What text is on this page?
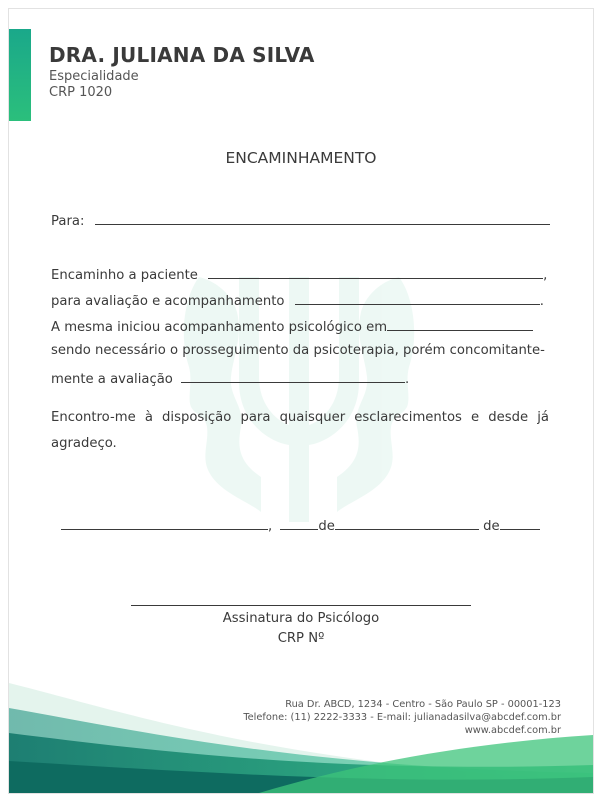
DRA. JULIANA DA SILVA
Especialidade
CRP 1020
ENCAMINHAMENTO
Para:
Encaminho a paciente	,
para avaliação e acompanhamento	.
A mesma iniciou acompanhamento psicológico em
sendo necessário o prosseguimento da psicoterapia, porém concomitante-
mente a avaliação	.
Encontro-me à disposição para quaisquer esclarecimentos e desde já agradeço.
,	de	de
Assinatura do Psicólogo
CRP Nº
Rua Dr. ABCD, 1234 - Centro - São Paulo SP - 00001-123
Telefone: (11) 2222-3333 - E-mail: julianadasilva@abcdef.com.br
www.abcdef.com.br
